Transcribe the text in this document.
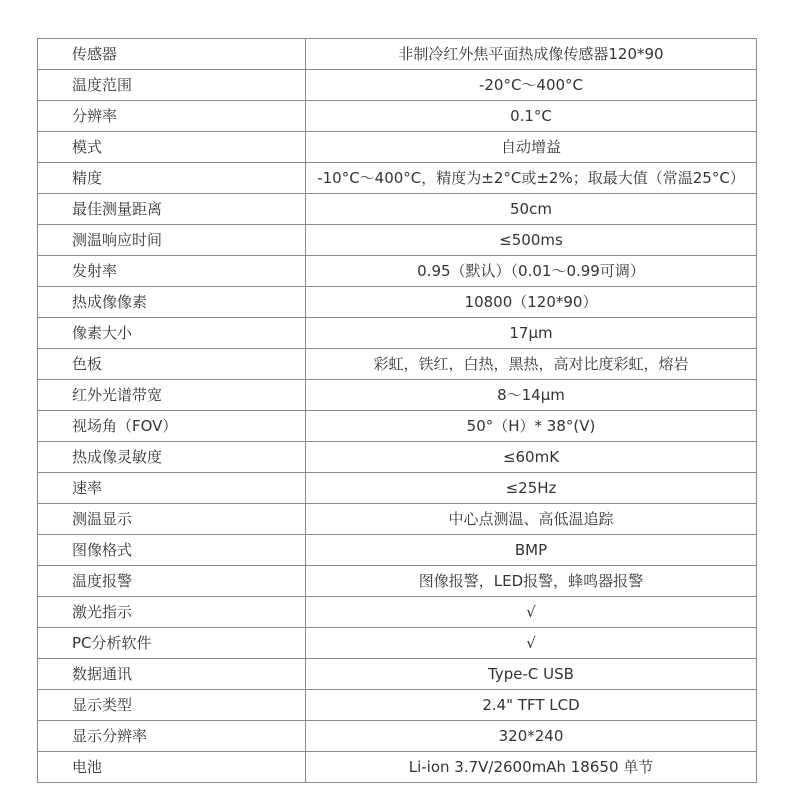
传感器	非制冷红外焦平面热成像传感器120*90
温度范围	-20°C～400°C
分辨率	0.1°C
模式	自动增益
精度	-10°C～400°C，精度为±2°C或±2%；取最大值（常温25°C）
最佳测量距离	50cm
测温响应时间	≤500ms
发射率	0.95（默认）（0.01～0.99可调）
热成像像素	10800（120*90）
像素大小	17μm
色板	彩虹，铁红，白热，黑热，高对比度彩虹，熔岩
红外光谱带宽	8～14μm
视场角（FOV）	50°（H）* 38°(V)
热成像灵敏度	≤60mK
速率	≤25Hz
测温显示	中心点测温、高低温追踪
图像格式	BMP
温度报警	图像报警，LED报警，蜂鸣器报警
激光指示	√
PC分析软件	√
数据通讯	Type-C USB
显示类型	2.4" TFT LCD
显示分辨率	320*240
电池	Li-ion 3.7V/2600mAh 18650 单节
